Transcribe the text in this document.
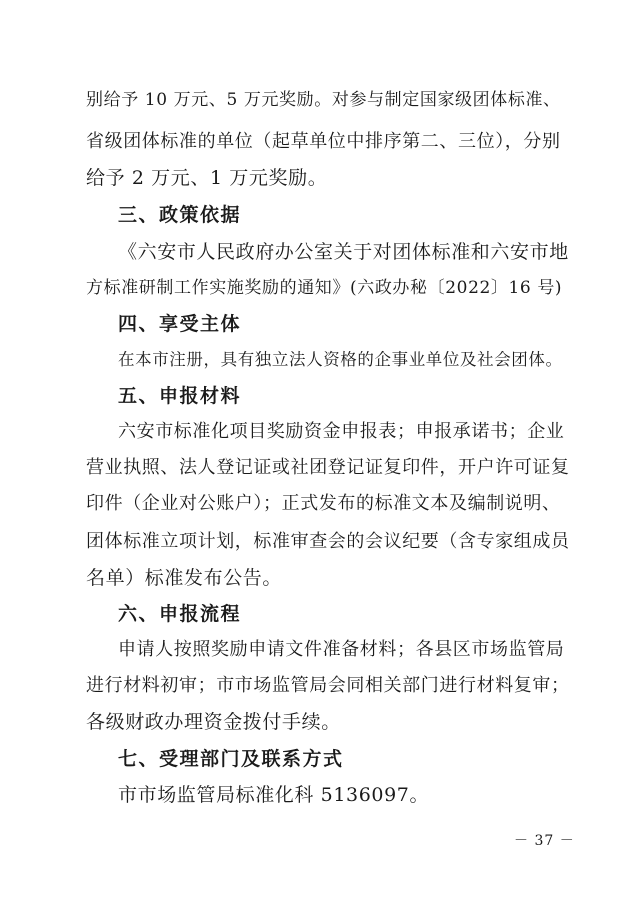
别给予 10 万元、5 万元奖励。对参与制定国家级团体标准、
省级团体标准的单位（起草单位中排序第二、三位），分别
给予 2 万元、1 万元奖励。
三、政策依据
《六安市人民政府办公室关于对团体标准和六安市地
方标准研制工作实施奖励的通知》(六政办秘〔2022〕16 号)
四、享受主体
在本市注册，具有独立法人资格的企事业单位及社会团体。
五、申报材料
六安市标准化项目奖励资金申报表；申报承诺书；企业
营业执照、法人登记证或社团登记证复印件，开户许可证复
印件（企业对公账户）；正式发布的标准文本及编制说明、
团体标准立项计划，标准审查会的会议纪要（含专家组成员
名单）标准发布公告。
六、申报流程
申请人按照奖励申请文件准备材料；各县区市场监管局
进行材料初审；市市场监管局会同相关部门进行材料复审；
各级财政办理资金拨付手续。
七、受理部门及联系方式
市市场监管局标准化科 5136097。
－ 37 －
